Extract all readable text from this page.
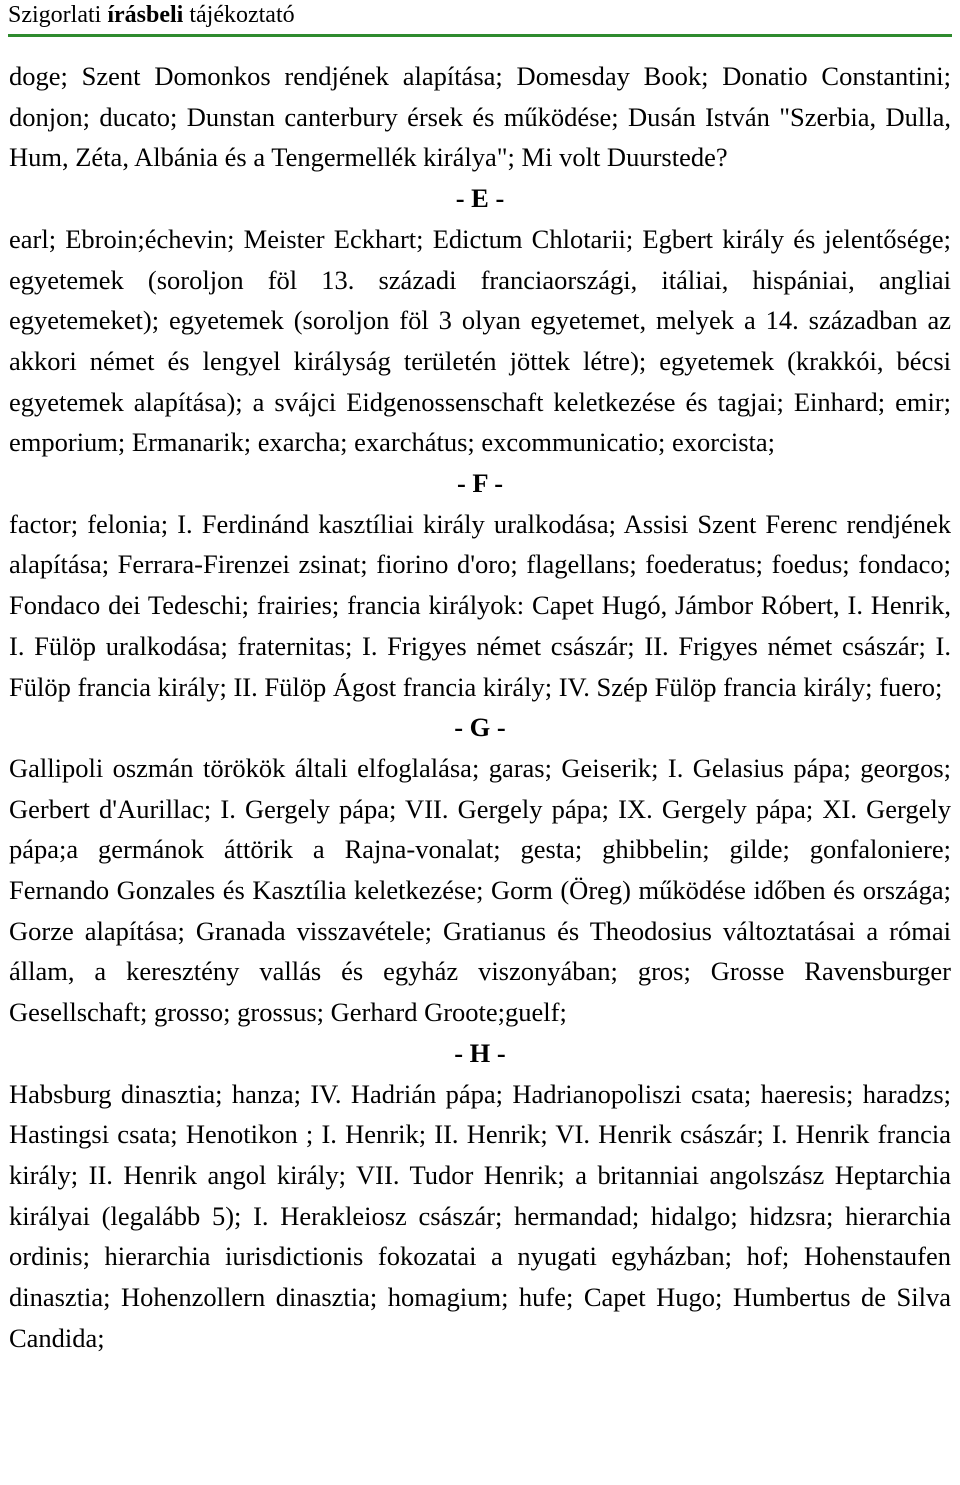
Szigorlati írásbeli tájékoztató

doge; Szent Domonkos rendjének alapítása; Domesday Book; Donatio Constantini; donjon; ducato; Dunstan canterbury érsek és működése; Dusán István "Szerbia, Dulla, Hum, Zéta, Albánia és a Tengermellék királya"; Mi volt Duurstede?

- E -

earl; Ebroin;échevin; Meister Eckhart; Edictum Chlotarii; Egbert király és jelentősége; egyetemek (soroljon föl 13. századi franciaországi, itáliai, hispániai, angliai egyetemeket); egyetemek (soroljon föl 3 olyan egyetemet, melyek a 14. században az akkori német és lengyel királyság területén jöttek létre); egyetemek (krakkói, bécsi egyetemek alapítása); a svájci Eidgenossenschaft keletkezése és tagjai; Einhard; emir; emporium; Ermanarik; exarcha; exarchátus; excommunicatio; exorcista;

- F -

factor; felonia; I. Ferdinánd kasztíliai király uralkodása; Assisi Szent Ferenc rendjének alapítása; Ferrara-Firenzei zsinat; fiorino d'oro; flagellans; foederatus; foedus; fondaco; Fondaco dei Tedeschi; frairies; francia királyok: Capet Hugó, Jámbor Róbert, I. Henrik, I. Fülöp uralkodása; fraternitas; I. Frigyes német császár; II. Frigyes német császár; I. Fülöp francia király; II. Fülöp Ágost francia király; IV. Szép Fülöp francia király; fuero;

- G -

Gallipoli oszmán törökök általi elfoglalása; garas; Geiserik; I. Gelasius pápa; georgos; Gerbert d'Aurillac; I. Gergely pápa; VII. Gergely pápa; IX. Gergely pápa; XI. Gergely pápa;a germánok áttörik a Rajna-vonalat; gesta; ghibbelin; gilde; gonfaloniere; Fernando Gonzales és Kasztília keletkezése; Gorm (Öreg) működése időben és országa; Gorze alapítása; Granada visszavétele; Gratianus és Theodosius változtatásai a római állam, a keresztény vallás és egyház viszonyában; gros; Grosse Ravensburger Gesellschaft; grosso; grossus; Gerhard Groote;guelf;

- H -

Habsburg dinasztia; hanza; IV. Hadrián pápa; Hadrianopoliszi csata; haeresis; haradzs; Hastingsi csata; Henotikon ; I. Henrik; II. Henrik; VI. Henrik császár; I. Henrik francia király; II. Henrik angol király; VII. Tudor Henrik; a britanniai angolszász Heptarchia királyai (legalább 5); I. Herakleiosz császár; hermandad; hidalgo; hidzsra; hierarchia ordinis; hierarchia iurisdictionis fokozatai a nyugati egyházban; hof; Hohenstaufen dinasztia; Hohenzollern dinasztia; homagium; hufe; Capet Hugo; Humbertus de Silva Candida;
